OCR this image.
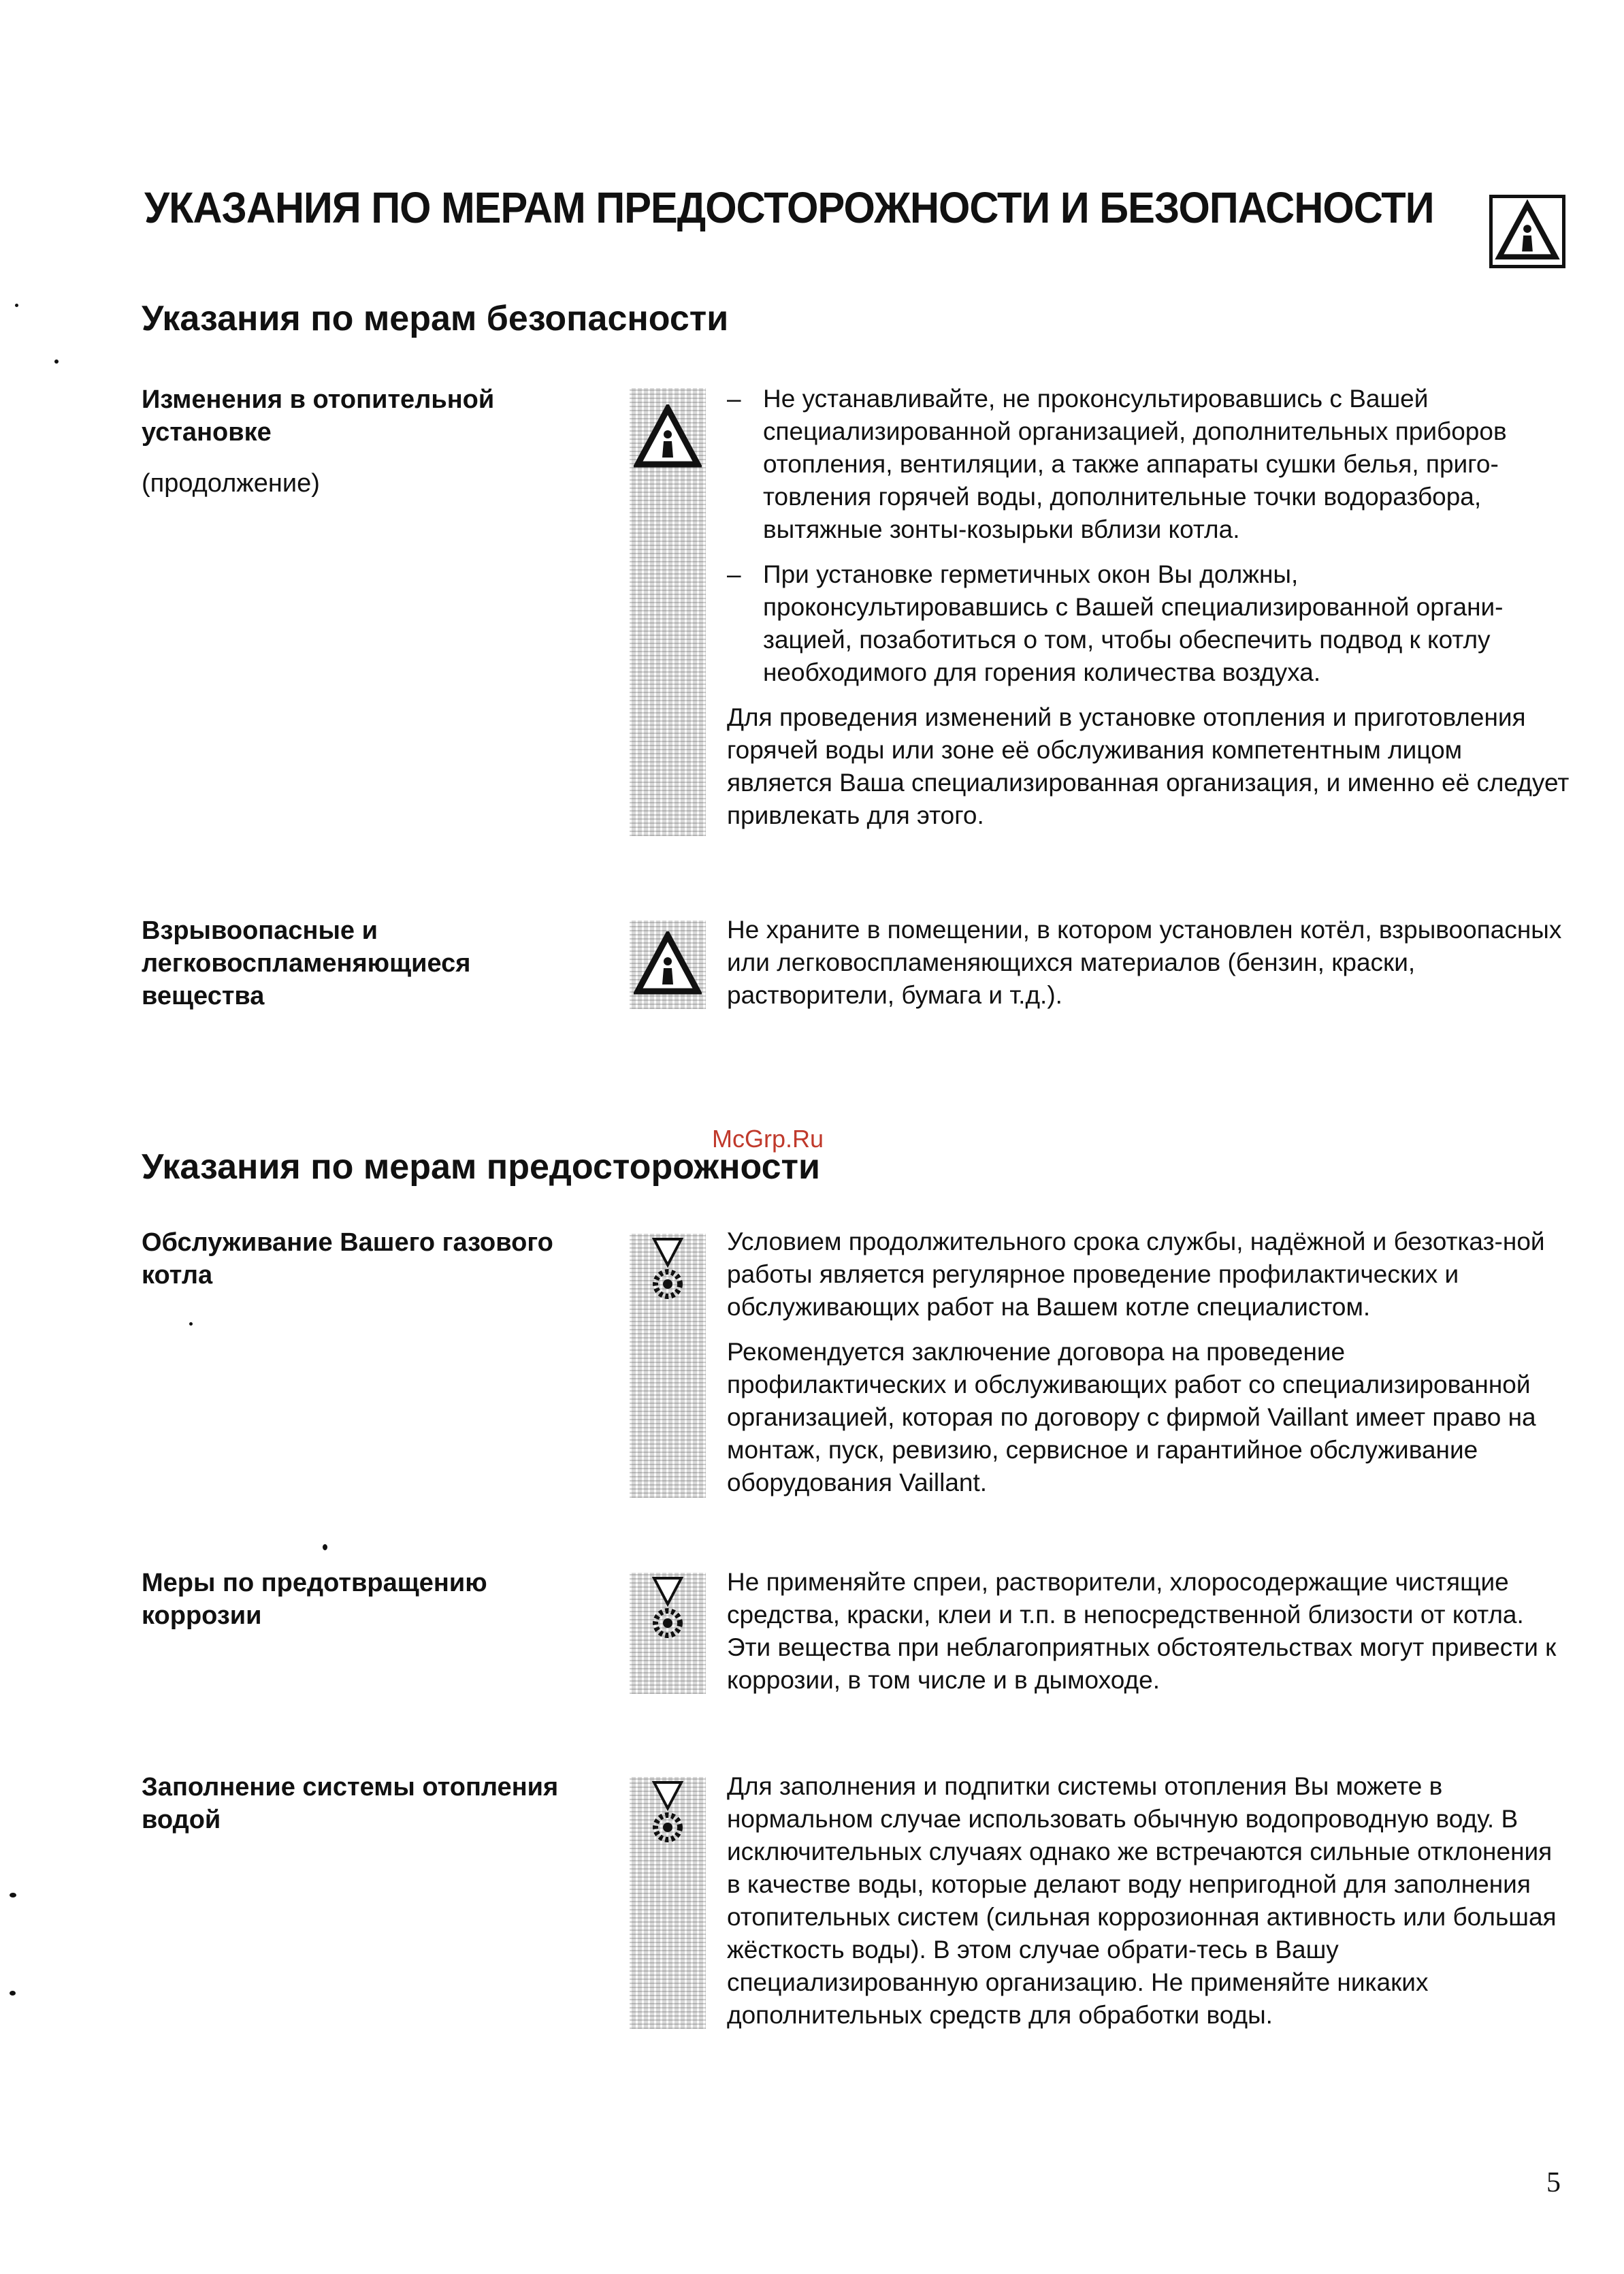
УКАЗАНИЯ ПО МЕРАМ ПРЕДОСТОРОЖНОСТИ И БЕЗОПАСНОСТИ
Указания по мерам безопасности
Изменения в отопительной
установке
(продолжение)

– Не устанавливайте, не проконсультировавшись с Вашей специализированной организацией, дополнительных приборов отопления, вентиляции, а также аппараты сушки белья, приго-товления горячей воды, дополнительные точки водоразбора, вытяжные зонты-козырьки вблизи котла.

– При установке герметичных окон Вы должны, проконсультировавшись с Вашей специализированной органи-зацией, позаботиться о том, чтобы обеспечить подвод к котлу необходимого для горения количества воздуха.

Для проведения изменений в установке отопления и приготовления горячей воды или зоне её обслуживания компетентным лицом является Ваша специализированная организация, и именно её следует привлекать для этого.

Взрывоопасные и
легковоспламеняющиеся
вещества

Не храните в помещении, в котором установлен котёл, взрывоопасных или легковоспламеняющихся материалов (бензин, краски, растворители, бумага и т.д.).

McGrp.Ru
Указания по мерам предосторожности
Обслуживание Вашего газового
котла

Условием продолжительного срока службы, надёжной и безотказ-ной работы является регулярное проведение профилактических и обслуживающих работ на Вашем котле специалистом.

Рекомендуется заключение договора на проведение профилактических и обслуживающих работ со специализированной организацией, которая по договору с фирмой Vaillant имеет право на монтаж, пуск, ревизию, сервисное и гарантийное обслуживание оборудования Vaillant.

Меры по предотвращению
коррозии

Не применяйте спреи, растворители, хлоросодержащие чистящие средства, краски, клеи и т.п. в непосредственной близости от котла. Эти вещества при неблагоприятных обстоятельствах могут привести к коррозии, в том числе и в дымоходе.

Заполнение системы отопления
водой

Для заполнения и подпитки системы отопления Вы можете в нормальном случае использовать обычную водопроводную воду. В исключительных случаях однако же встречаются сильные отклонения в качестве воды, которые делают воду непригодной для заполнения отопительных систем (сильная коррозионная активность или большая жёсткость воды). В этом случае обрати-тесь в Вашу специализированную организацию. Не применяйте никаких дополнительных средств для обработки воды.

5
